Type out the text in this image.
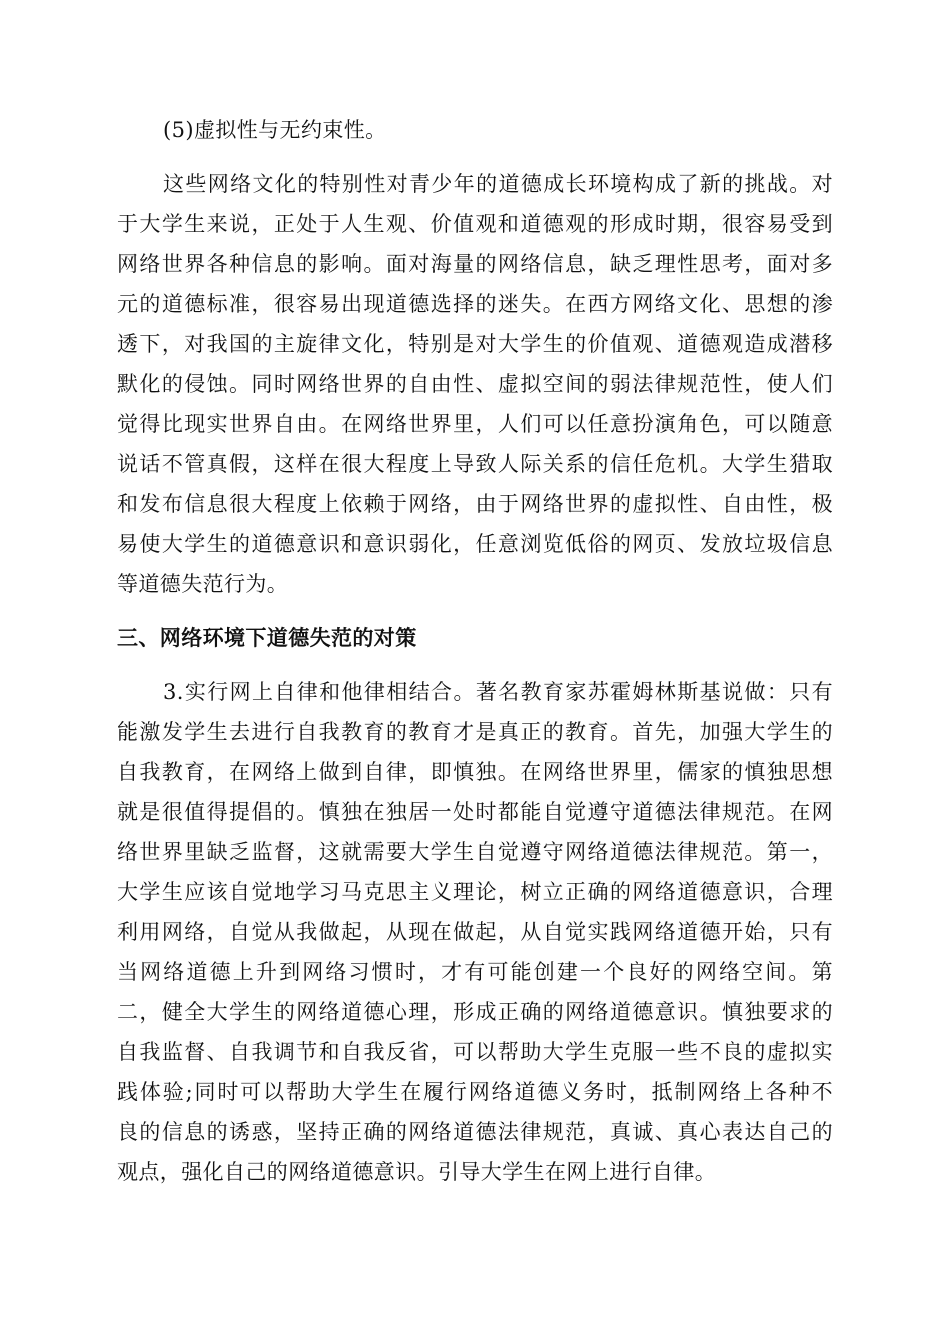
(5)虚拟性与无约束性。
这些网络文化的特别性对青少年的道德成长环境构成了新的挑战。对
于大学生来说，正处于人生观、价值观和道德观的形成时期，很容易受到
网络世界各种信息的影响。面对海量的网络信息，缺乏理性思考，面对多
元的道德标准，很容易出现道德选择的迷失。在西方网络文化、思想的渗
透下，对我国的主旋律文化，特别是对大学生的价值观、道德观造成潜移
默化的侵蚀。同时网络世界的自由性、虚拟空间的弱法律规范性，使人们
觉得比现实世界自由。在网络世界里，人们可以任意扮演角色，可以随意
说话不管真假，这样在很大程度上导致人际关系的信任危机。大学生猎取
和发布信息很大程度上依赖于网络，由于网络世界的虚拟性、自由性，极
易使大学生的道德意识和意识弱化，任意浏览低俗的网页、发放垃圾信息
等道德失范行为。
三、网络环境下道德失范的对策
3.实行网上自律和他律相结合。著名教育家苏霍姆林斯基说做：只有
能激发学生去进行自我教育的教育才是真正的教育。首先，加强大学生的
自我教育，在网络上做到自律，即慎独。在网络世界里，儒家的慎独思想
就是很值得提倡的。慎独在独居一处时都能自觉遵守道德法律规范。在网
络世界里缺乏监督，这就需要大学生自觉遵守网络道德法律规范。第一，
大学生应该自觉地学习马克思主义理论，树立正确的网络道德意识，合理
利用网络，自觉从我做起，从现在做起，从自觉实践网络道德开始，只有
当网络道德上升到网络习惯时，才有可能创建一个良好的网络空间。第
二，健全大学生的网络道德心理，形成正确的网络道德意识。慎独要求的
自我监督、自我调节和自我反省，可以帮助大学生克服一些不良的虚拟实
践体验;同时可以帮助大学生在履行网络道德义务时，抵制网络上各种不
良的信息的诱惑，坚持正确的网络道德法律规范，真诚、真心表达自己的
观点，强化自己的网络道德意识。引导大学生在网上进行自律。
